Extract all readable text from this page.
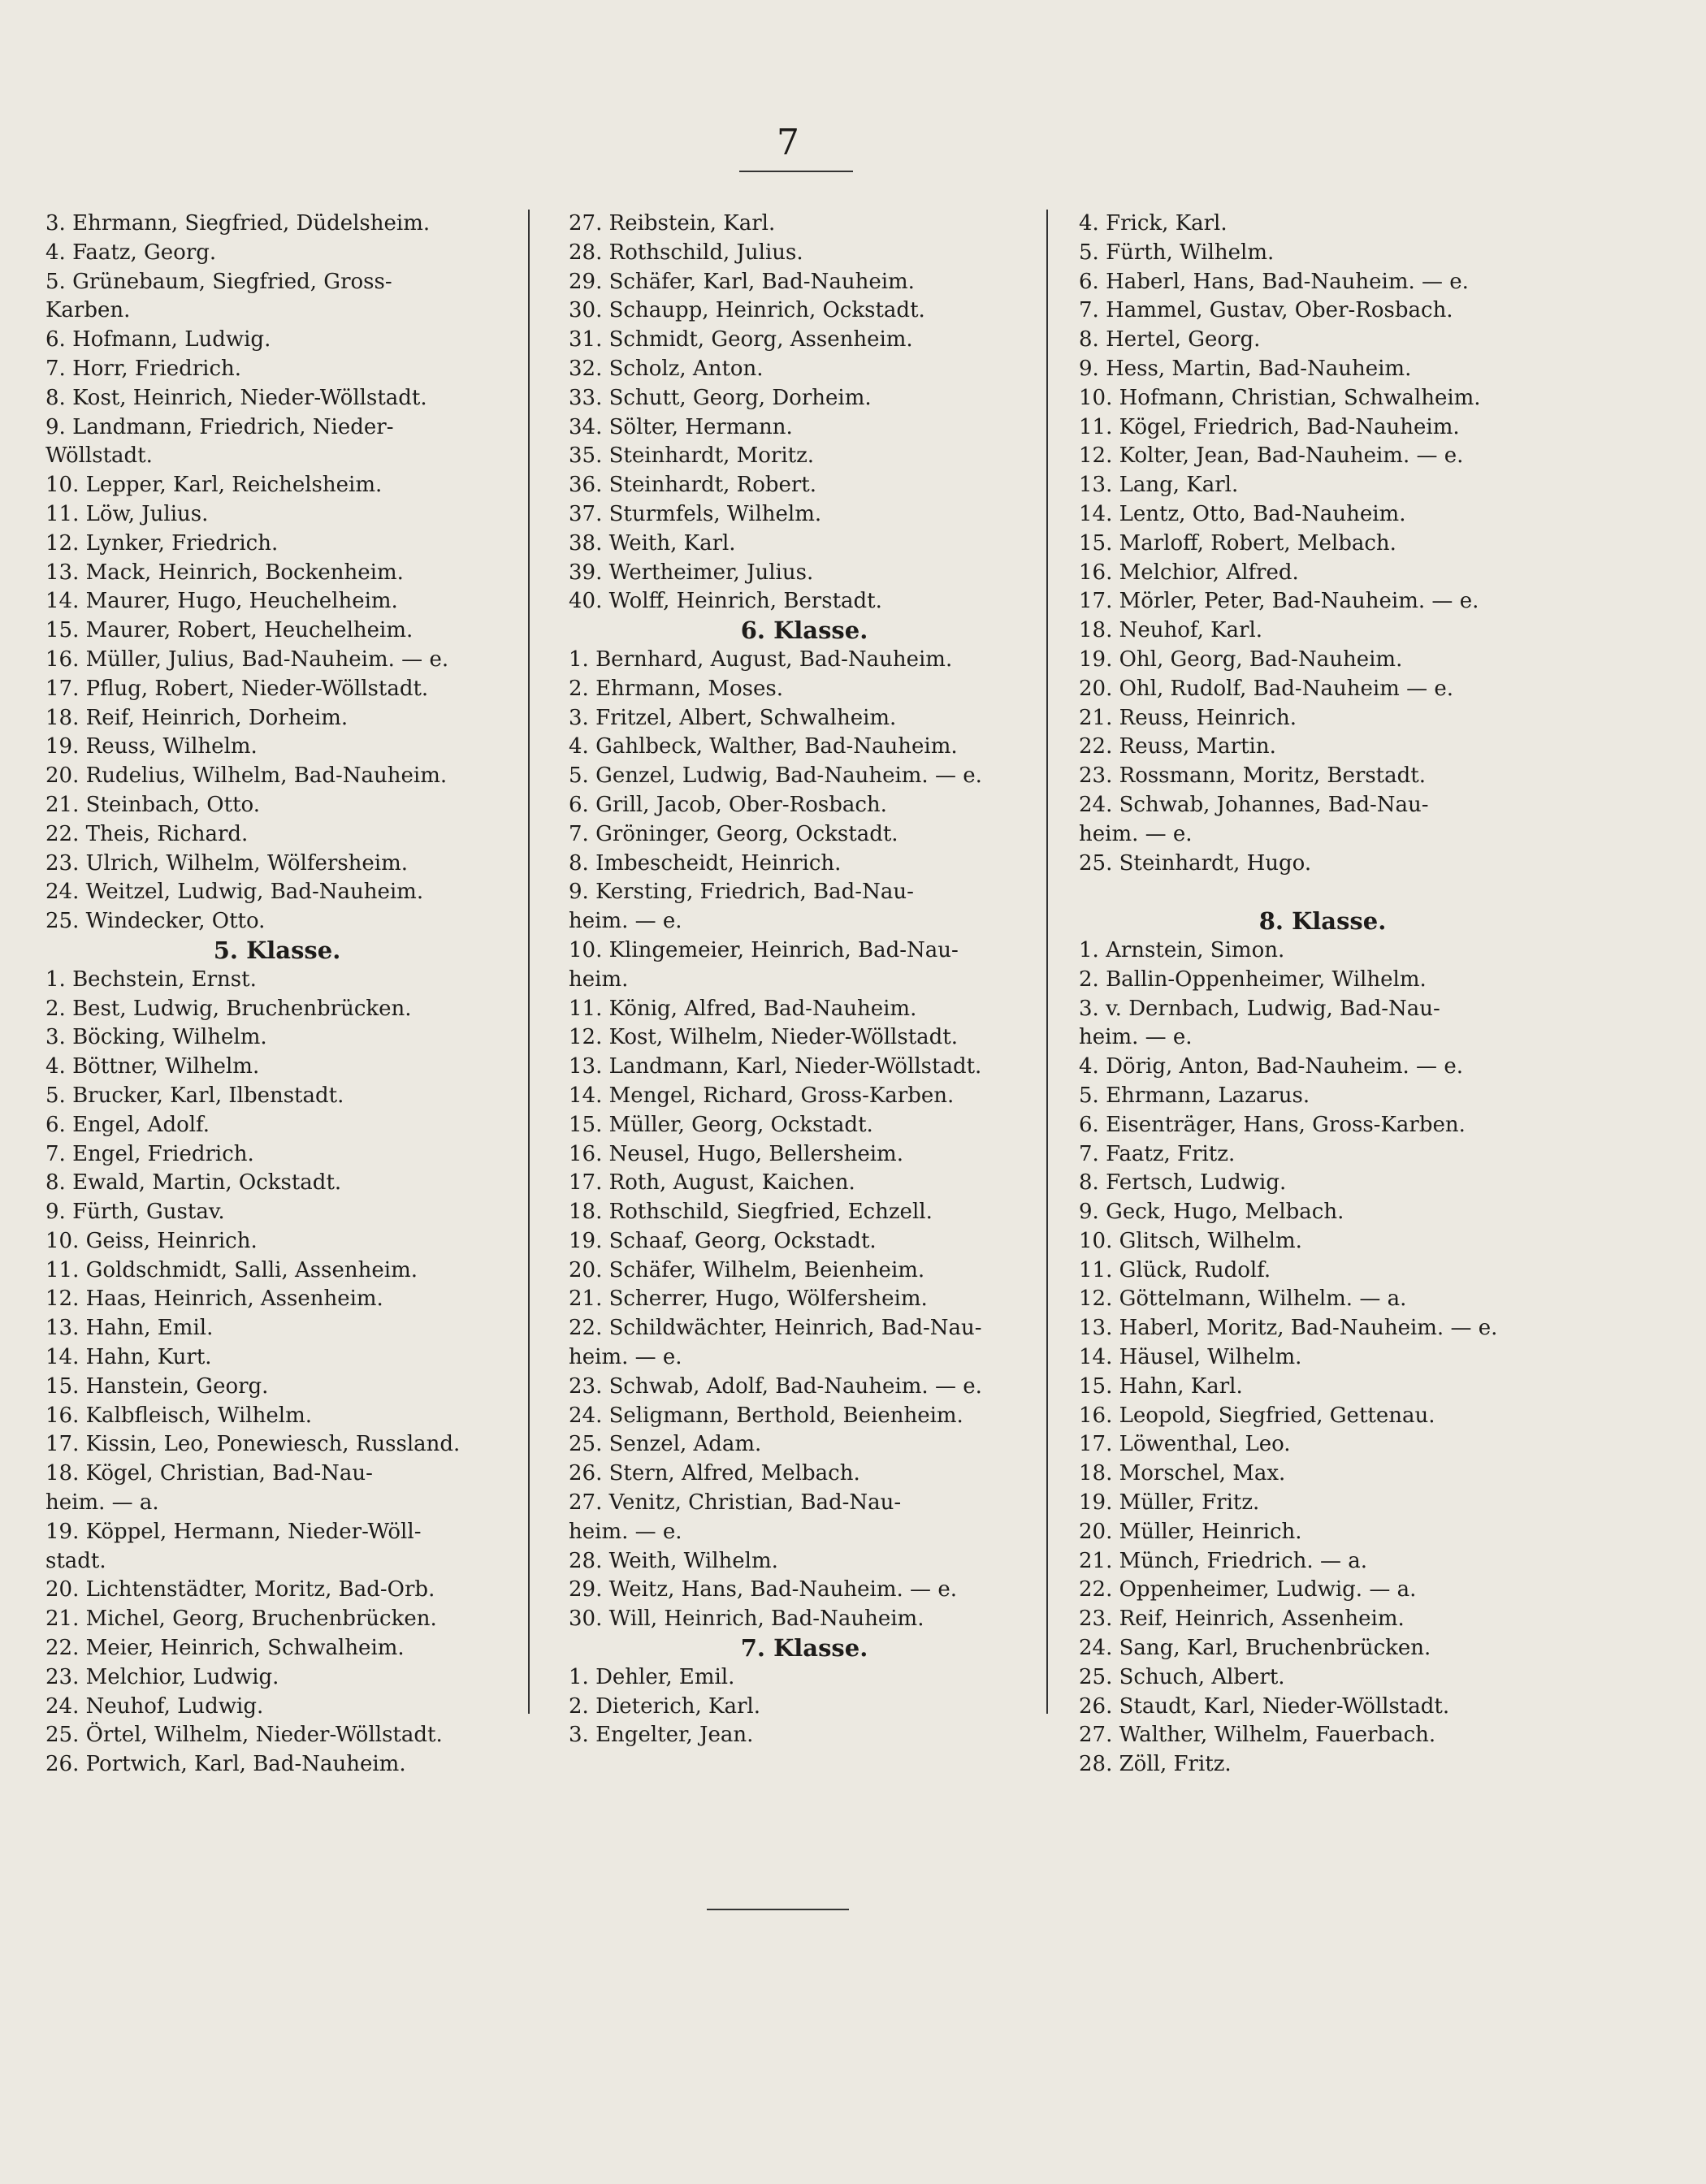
7
3. Ehrmann, Siegfried, Düdelsheim.
4. Faatz, Georg.
5. Grünebaum, Siegfried, Gross-
Karben.
6. Hofmann, Ludwig.
7. Horr, Friedrich.
8. Kost, Heinrich, Nieder-Wöllstadt.
9. Landmann, Friedrich, Nieder-
Wöllstadt.
10. Lepper, Karl, Reichelsheim.
11. Löw, Julius.
12. Lynker, Friedrich.
13. Mack, Heinrich, Bockenheim.
14. Maurer, Hugo, Heuchelheim.
15. Maurer, Robert, Heuchelheim.
16. Müller, Julius, Bad-Nauheim. — e.
17. Pflug, Robert, Nieder-Wöllstadt.
18. Reif, Heinrich, Dorheim.
19. Reuss, Wilhelm.
20. Rudelius, Wilhelm, Bad-Nauheim.
21. Steinbach, Otto.
22. Theis, Richard.
23. Ulrich, Wilhelm, Wölfersheim.
24. Weitzel, Ludwig, Bad-Nauheim.
25. Windecker, Otto.
5. Klasse.
1. Bechstein, Ernst.
2. Best, Ludwig, Bruchenbrücken.
3. Böcking, Wilhelm.
4. Böttner, Wilhelm.
5. Brucker, Karl, Ilbenstadt.
6. Engel, Adolf.
7. Engel, Friedrich.
8. Ewald, Martin, Ockstadt.
9. Fürth, Gustav.
10. Geiss, Heinrich.
11. Goldschmidt, Salli, Assenheim.
12. Haas, Heinrich, Assenheim.
13. Hahn, Emil.
14. Hahn, Kurt.
15. Hanstein, Georg.
16. Kalbfleisch, Wilhelm.
17. Kissin, Leo, Ponewiesch, Russland.
18. Kögel, Christian, Bad-Nau-
heim. — a.
19. Köppel, Hermann, Nieder-Wöll-
stadt.
20. Lichtenstädter, Moritz, Bad-Orb.
21. Michel, Georg, Bruchenbrücken.
22. Meier, Heinrich, Schwalheim.
23. Melchior, Ludwig.
24. Neuhof, Ludwig.
25. Örtel, Wilhelm, Nieder-Wöllstadt.
26. Portwich, Karl, Bad-Nauheim.
27. Reibstein, Karl.
28. Rothschild, Julius.
29. Schäfer, Karl, Bad-Nauheim.
30. Schaupp, Heinrich, Ockstadt.
31. Schmidt, Georg, Assenheim.
32. Scholz, Anton.
33. Schutt, Georg, Dorheim.
34. Sölter, Hermann.
35. Steinhardt, Moritz.
36. Steinhardt, Robert.
37. Sturmfels, Wilhelm.
38. Weith, Karl.
39. Wertheimer, Julius.
40. Wolff, Heinrich, Berstadt.
6. Klasse.
1. Bernhard, August, Bad-Nauheim.
2. Ehrmann, Moses.
3. Fritzel, Albert, Schwalheim.
4. Gahlbeck, Walther, Bad-Nauheim.
5. Genzel, Ludwig, Bad-Nauheim. — e.
6. Grill, Jacob, Ober-Rosbach.
7. Gröninger, Georg, Ockstadt.
8. Imbescheidt, Heinrich.
9. Kersting, Friedrich, Bad-Nau-
heim. — e.
10. Klingemeier, Heinrich, Bad-Nau-
heim.
11. König, Alfred, Bad-Nauheim.
12. Kost, Wilhelm, Nieder-Wöllstadt.
13. Landmann, Karl, Nieder-Wöllstadt.
14. Mengel, Richard, Gross-Karben.
15. Müller, Georg, Ockstadt.
16. Neusel, Hugo, Bellersheim.
17. Roth, August, Kaichen.
18. Rothschild, Siegfried, Echzell.
19. Schaaf, Georg, Ockstadt.
20. Schäfer, Wilhelm, Beienheim.
21. Scherrer, Hugo, Wölfersheim.
22. Schildwächter, Heinrich, Bad-Nau-
heim. — e.
23. Schwab, Adolf, Bad-Nauheim. — e.
24. Seligmann, Berthold, Beienheim.
25. Senzel, Adam.
26. Stern, Alfred, Melbach.
27. Venitz, Christian, Bad-Nau-
heim. — e.
28. Weith, Wilhelm.
29. Weitz, Hans, Bad-Nauheim. — e.
30. Will, Heinrich, Bad-Nauheim.
7. Klasse.
1. Dehler, Emil.
2. Dieterich, Karl.
3. Engelter, Jean.
4. Frick, Karl.
5. Fürth, Wilhelm.
6. Haberl, Hans, Bad-Nauheim. — e.
7. Hammel, Gustav, Ober-Rosbach.
8. Hertel, Georg.
9. Hess, Martin, Bad-Nauheim.
10. Hofmann, Christian, Schwalheim.
11. Kögel, Friedrich, Bad-Nauheim.
12. Kolter, Jean, Bad-Nauheim. — e.
13. Lang, Karl.
14. Lentz, Otto, Bad-Nauheim.
15. Marloff, Robert, Melbach.
16. Melchior, Alfred.
17. Mörler, Peter, Bad-Nauheim. — e.
18. Neuhof, Karl.
19. Ohl, Georg, Bad-Nauheim.
20. Ohl, Rudolf, Bad-Nauheim — e.
21. Reuss, Heinrich.
22. Reuss, Martin.
23. Rossmann, Moritz, Berstadt.
24. Schwab, Johannes, Bad-Nau-
heim. — e.
25. Steinhardt, Hugo.
8. Klasse.
1. Arnstein, Simon.
2. Ballin-Oppenheimer, Wilhelm.
3. v. Dernbach, Ludwig, Bad-Nau-
heim. — e.
4. Dörig, Anton, Bad-Nauheim. — e.
5. Ehrmann, Lazarus.
6. Eisenträger, Hans, Gross-Karben.
7. Faatz, Fritz.
8. Fertsch, Ludwig.
9. Geck, Hugo, Melbach.
10. Glitsch, Wilhelm.
11. Glück, Rudolf.
12. Göttelmann, Wilhelm. — a.
13. Haberl, Moritz, Bad-Nauheim. — e.
14. Häusel, Wilhelm.
15. Hahn, Karl.
16. Leopold, Siegfried, Gettenau.
17. Löwenthal, Leo.
18. Morschel, Max.
19. Müller, Fritz.
20. Müller, Heinrich.
21. Münch, Friedrich. — a.
22. Oppenheimer, Ludwig. — a.
23. Reif, Heinrich, Assenheim.
24. Sang, Karl, Bruchenbrücken.
25. Schuch, Albert.
26. Staudt, Karl, Nieder-Wöllstadt.
27. Walther, Wilhelm, Fauerbach.
28. Zöll, Fritz.
